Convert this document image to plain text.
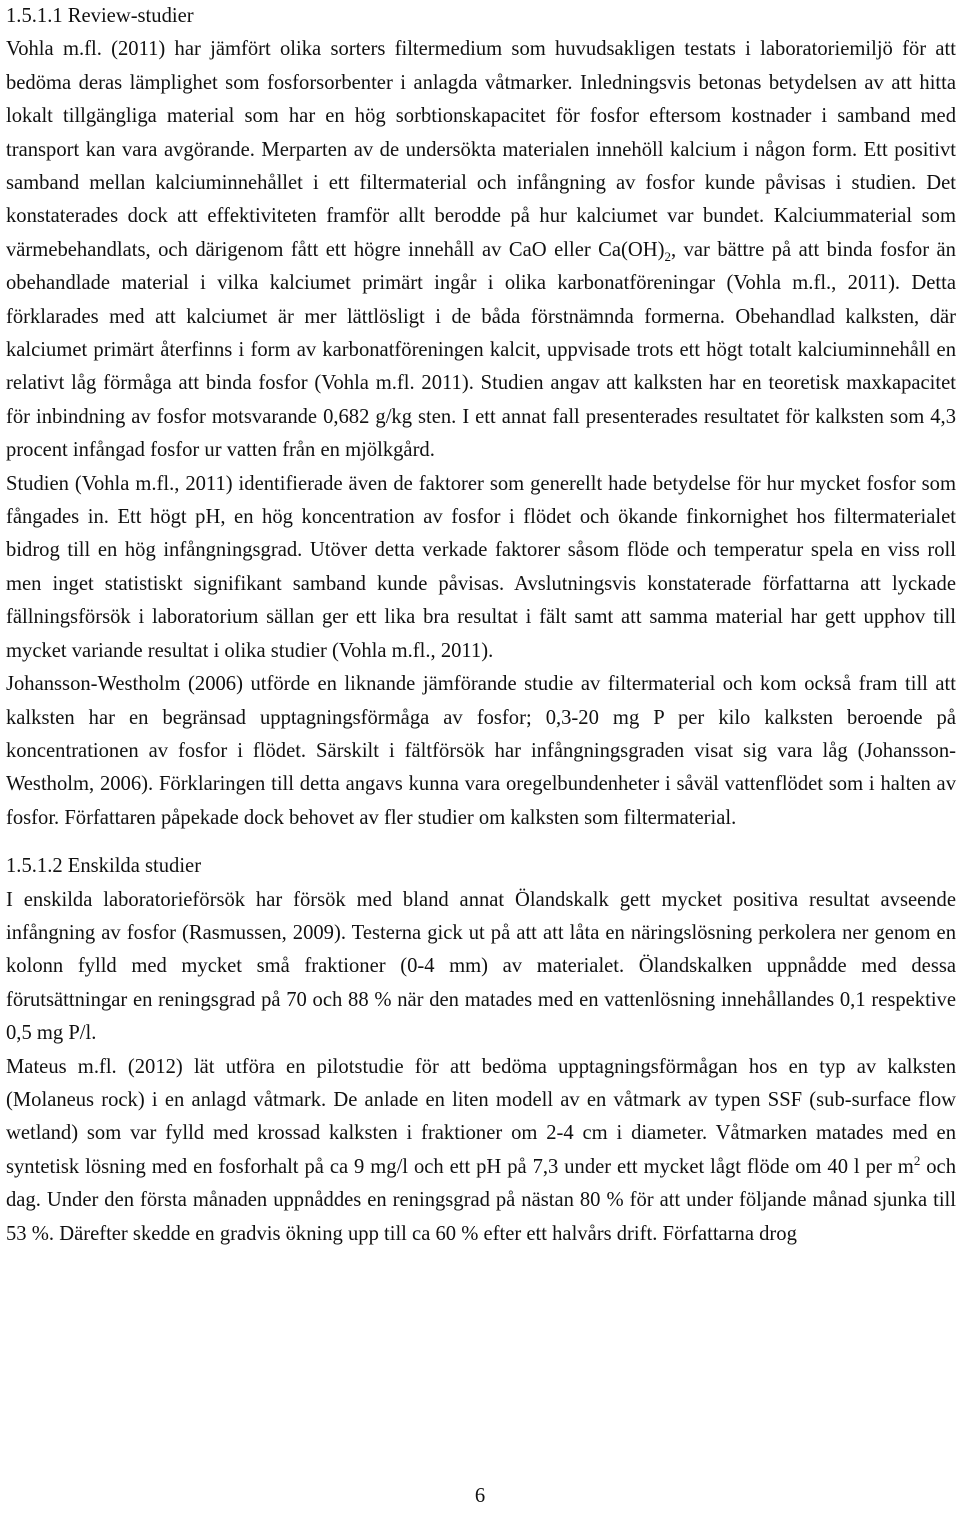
1.5.1.1 Review-studier

Vohla m.fl. (2011) har jämfört olika sorters filtermedium som huvudsakligen testats i laboratoriemiljö för att bedöma deras lämplighet som fosforsorbenter i anlagda våtmarker. Inledningsvis betonas betydelsen av att hitta lokalt tillgängliga material som har en hög sorbtionskapacitet för fosfor eftersom kostnader i samband med transport kan vara avgörande. Merparten av de undersökta materialen innehöll kalcium i någon form. Ett positivt samband mellan kalciuminnehållet i ett filtermaterial och infångning av fosfor kunde påvisas i studien. Det konstaterades dock att effektiviteten framför allt berodde på hur kalciumet var bundet. Kalciummaterial som värmebehandlats, och därigenom fått ett högre innehåll av CaO eller $Ca(OH)_2$, var bättre på att binda fosfor än obehandlade material i vilka kalciumet primärt ingår i olika karbonatföreningar (Vohla m.fl., 2011). Detta förklarades med att kalciumet är mer lättlösligt i de båda förstnämnda formerna. Obehandlad kalksten, där kalciumet primärt återfinns i form av karbonatföreningen kalcit, uppvisade trots ett högt totalt kalciuminnehåll en relativt låg förmåga att binda fosfor (Vohla m.fl. 2011). Studien angav att kalksten har en teoretisk maxkapacitet för inbindning av fosfor motsvarande 0,682 g/kg sten. I ett annat fall presenterades resultatet för kalksten som 4,3 procent infångad fosfor ur vatten från en mjölkgård.

Studien (Vohla m.fl., 2011) identifierade även de faktorer som generellt hade betydelse för hur mycket fosfor som fångades in. Ett högt pH, en hög koncentration av fosfor i flödet och ökande finkornighet hos filtermaterialet bidrog till en hög infångningsgrad. Utöver detta verkade faktorer såsom flöde och temperatur spela en viss roll men inget statistiskt signifikant samband kunde påvisas. Avslutningsvis konstaterade författarna att lyckade fällningsförsök i laboratorium sällan ger ett lika bra resultat i fält samt att samma material har gett upphov till mycket variande resultat i olika studier (Vohla m.fl., 2011).

Johansson-Westholm (2006) utförde en liknande jämförande studie av filtermaterial och kom också fram till att kalksten har en begränsad upptagningsförmåga av fosfor; 0,3-20 mg P per kilo kalksten beroende på koncentrationen av fosfor i flödet. Särskilt i fältförsök har infångningsgraden visat sig vara låg (Johansson-Westholm, 2006). Förklaringen till detta angavs kunna vara oregelbundenheter i såväl vattenflödet som i halten av fosfor. Författaren påpekade dock behovet av fler studier om kalksten som filtermaterial.

1.5.1.2 Enskilda studier

I enskilda laboratorieförsök har försök med bland annat Ölandskalk gett mycket positiva resultat avseende infångning av fosfor (Rasmussen, 2009). Testerna gick ut på att att låta en näringslösning perkolera ner genom en kolonn fylld med mycket små fraktioner (0-4 mm) av materialet. Ölandskalken uppnådde med dessa förutsättningar en reningsgrad på 70 och 88 % när den matades med en vattenlösning innehållandes 0,1 respektive 0,5 mg P/l.

Mateus m.fl. (2012) lät utföra en pilotstudie för att bedöma upptagningsförmågan hos en typ av kalksten (Molaneus rock) i en anlagd våtmark. De anlade en liten modell av en våtmark av typen SSF (sub-surface flow wetland) som var fylld med krossad kalksten i fraktioner om 2-4 cm i diameter. Våtmarken matades med en syntetisk lösning med en fosforhalt på ca 9 mg/l och ett pH på 7,3 under ett mycket lågt flöde om 40 l per $m^2$ och dag. Under den första månaden uppnåddes en reningsgrad på nästan 80 % för att under följande månad sjunka till 53 %. Därefter skedde en gradvis ökning upp till ca 60 % efter ett halvårs drift. Författarna drog

6
